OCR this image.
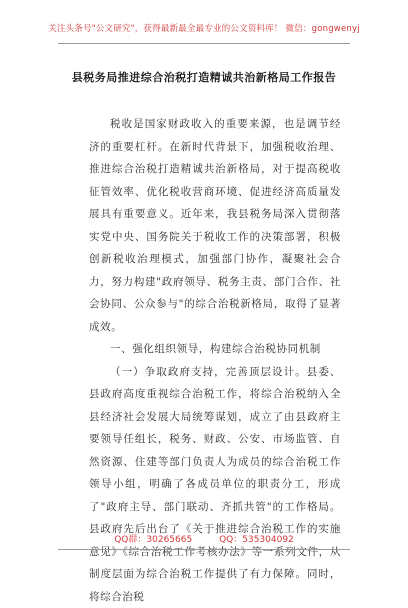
关注头条号"公文研究"，获得最新最全最专业的公文资料库！ 微信：gongwenyj
县税务局推进综合治税打造精诚共治新格局工作报告

税收是国家财政收入的重要来源，也是调节经济的重要杠杆。在新时代背景下，加强税收治理、推进综合治税打造精诚共治新格局，对于提高税收征管效率、优化税收营商环境、促进经济高质量发展具有重要意义。近年来，我县税务局深入贯彻落实党中央、国务院关于税收工作的决策部署，积极创新税收治理模式，加强部门协作，凝聚社会合力，努力构建"政府领导、税务主责、部门合作、社会协同、公众参与"的综合治税新格局，取得了显著成效。

一、强化组织领导，构建综合治税协同机制

（一）争取政府支持，完善顶层设计。县委、县政府高度重视综合治税工作，将综合治税纳入全县经济社会发展大局统筹谋划，成立了由县政府主要领导任组长，税务、财政、公安、市场监管、自然资源、住建等部门负责人为成员的综合治税工作领导小组，明确了各成员单位的职责分工，形成了"政府主导、部门联动、齐抓共管"的工作格局。县政府先后出台了《关于推进综合治税工作的实施意见》《综合治税工作考核办法》等一系列文件，从制度层面为综合治税工作提供了有力保障。同时，将综合治税

QQ群：30265665	QQ：535304092
